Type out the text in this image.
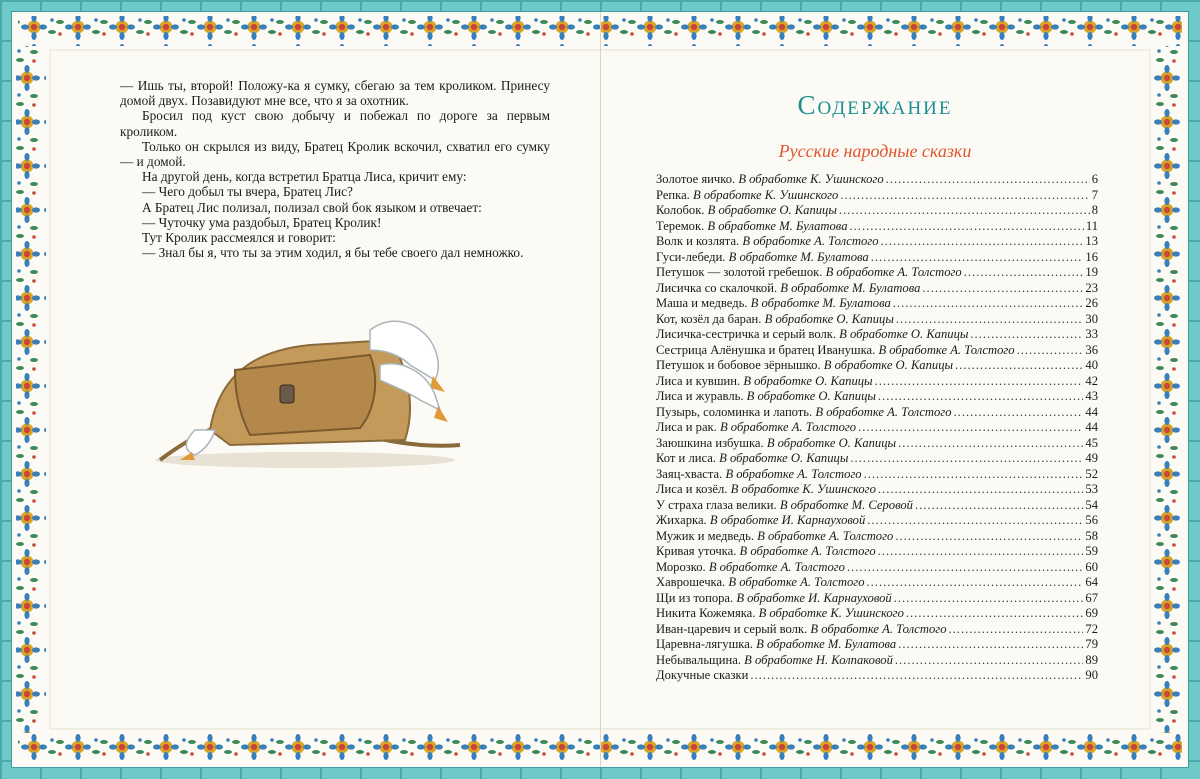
— Ишь ты, второй! Положу-ка я сумку, сбегаю за тем кроликом. Принесу домой двух. Позавидуют мне все, что я за охотник.

Бросил под куст свою добычу и побежал по дороге за первым кроликом.

Только он скрылся из виду, Братец Кролик вскочил, схватил его сумку — и домой.

На другой день, когда встретил Братца Лиса, кричит ему:

— Чего добыл ты вчера, Братец Лис?

А Братец Лис полизал, полизал свой бок языком и отвечает:

— Чуточку ума раздобыл, Братец Кролик!

Тут Кролик рассмеялся и говорит:

— Знал бы я, что ты за этим ходил, я бы тебе своего дал немножко.

Содержание
Русские народные сказки
Золотое яичко. В обработке К. Ушинского .....	6
Репка. В обработке К. Ушинского .....	7
Колобок. В обработке О. Капицы .....	8
Теремок. В обработке М. Булатова .....	11
Волк и козлята. В обработке А. Толстого .....	13
Гуси-лебеди. В обработке М. Булатова .....	16
Петушок — золотой гребешок. В обработке А. Толстого .....	19
Лисичка со скалочкой. В обработке М. Булатова .....	23
Маша и медведь. В обработке М. Булатова .....	26
Кот, козёл да баран. В обработке О. Капицы .....	30
Лисичка-сестричка и серый волк. В обработке О. Капицы .....	33
Сестрица Алёнушка и братец Иванушка. В обработке А. Толстого .....	36
Петушок и бобовое зёрнышко. В обработке О. Капицы .....	40
Лиса и кувшин. В обработке О. Капицы .....	42
Лиса и журавль. В обработке О. Капицы .....	43
Пузырь, соломинка и лапоть. В обработке А. Толстого .....	44
Лиса и рак. В обработке А. Толстого .....	44
Заюшкина избушка. В обработке О. Капицы .....	45
Кот и лиса. В обработке О. Капицы .....	49
Заяц-хваста. В обработке А. Толстого .....	52
Лиса и козёл. В обработке К. Ушинского .....	53
У страха глаза велики. В обработке М. Серовой .....	54
Жихарка. В обработке И. Карнауховой .....	56
Мужик и медведь. В обработке А. Толстого .....	58
Кривая уточка. В обработке А. Толстого .....	59
Морозко. В обработке А. Толстого .....	60
Хаврошечка. В обработке А. Толстого .....	64
Щи из топора. В обработке И. Карнауховой .....	67
Никита Кожемяка. В обработке К. Ушинского .....	69
Иван-царевич и серый волк. В обработке А. Толстого .....	72
Царевна-лягушка. В обработке М. Булатова .....	79
Небывальщина. В обработке Н. Колпаковой .....	89
Докучные сказки .....	90
